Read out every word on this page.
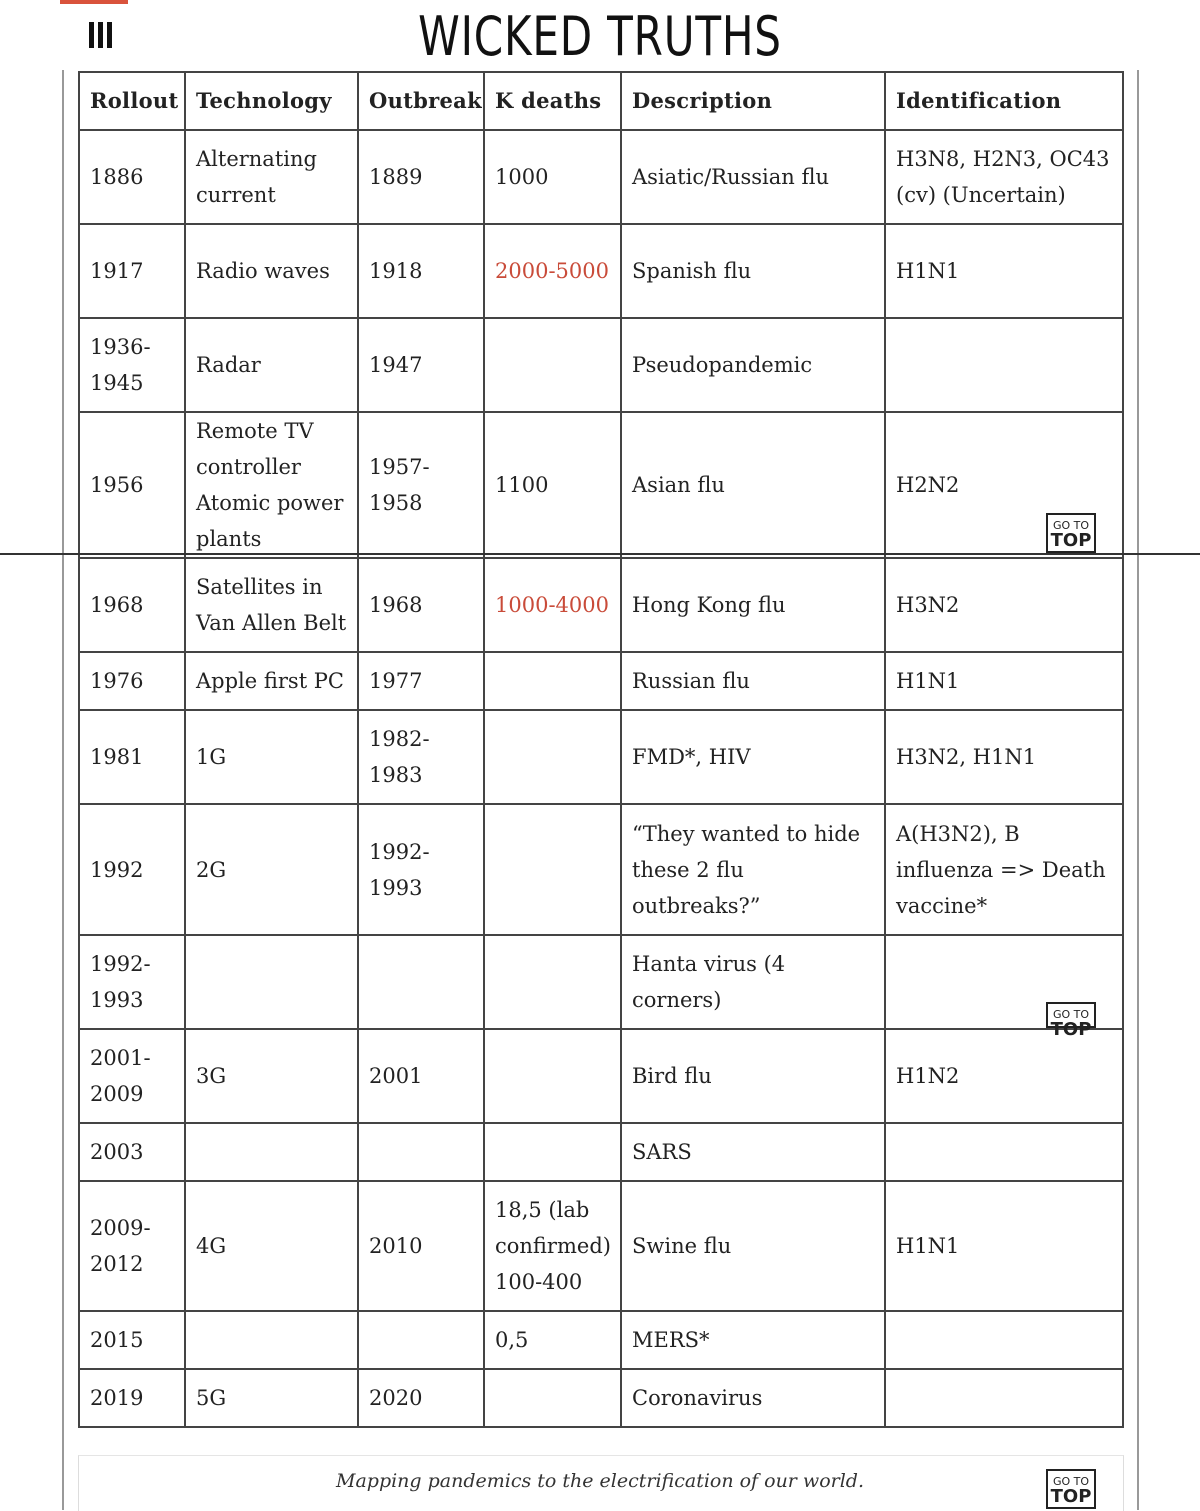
WICKED TRUTHS
Rollout	Technology	Outbreak	K deaths	Description	Identification
1886	Alternating current	1889	1000	Asiatic/Russian flu	H3N8, H2N3, OC43 (cv) (Uncertain)
1917	Radio waves	1918	2000-5000	Spanish flu	H1N1
1936-1945	Radar	1947		Pseudopandemic	
1956	Remote TV controller Atomic power plants	1957-1958	1100	Asian flu	H2N2
1968	Satellites in Van Allen Belt	1968	1000-4000	Hong Kong flu	H3N2
1976	Apple first PC	1977		Russian flu	H1N1
1981	1G	1982-1983		FMD*, HIV	H3N2, H1N1
1992	2G	1992-1993		“They wanted to hide these 2 flu outbreaks?”	A(H3N2), B influenza => Death vaccine*
1992-1993				Hanta virus (4 corners)	
2001-2009	3G	2001		Bird flu	H1N2
2003				SARS	
2009-2012	4G	2010	18,5 (lab confirmed) 100-400	Swine flu	H1N1
2015			0,5	MERS*	
2019	5G	2020		Coronavirus	
GO TO
TOP
GO TO
TOP
GO TO
TOP
Mapping pandemics to the electrification of our world.
